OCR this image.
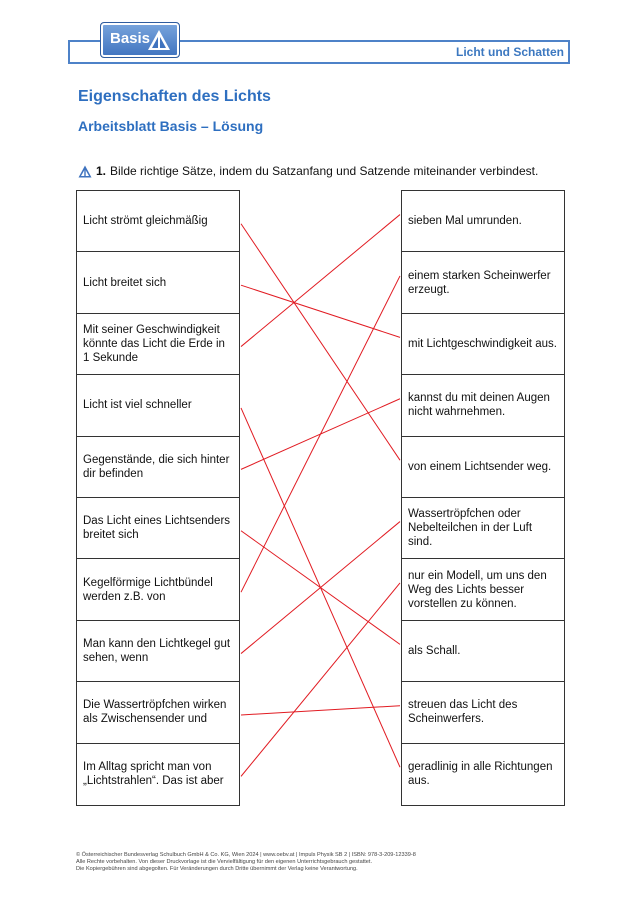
Basis
Licht und Schatten
Eigenschaften des Lichts
Arbeitsblatt Basis – Lösung
1. Bilde richtige Sätze, indem du Satzanfang und Satzende miteinander verbindest.
Licht strömt gleichmäßig
Licht breitet sich
Mit seiner Geschwindigkeit könnte das Licht die Erde in 1 Sekunde
Licht ist viel schneller
Gegenstände, die sich hinter dir befinden
Das Licht eines Lichtsenders breitet sich
Kegelförmige Lichtbündel werden z.B. von
Man kann den Lichtkegel gut sehen, wenn
Die Wassertröpfchen wirken als Zwischensender und
Im Alltag spricht man von „Lichtstrahlen“. Das ist aber
sieben Mal umrunden.
einem starken Scheinwerfer erzeugt.
mit Lichtgeschwindigkeit aus.
kannst du mit deinen Augen nicht wahrnehmen.
von einem Lichtsender weg.
Wassertröpfchen oder Nebelteilchen in der Luft sind.
nur ein Modell, um uns den Weg des Lichts besser vorstellen zu können.
als Schall.
streuen das Licht des Scheinwerfers.
geradlinig in alle Richtungen aus.
© Österreichischer Bundesverlag Schulbuch GmbH & Co. KG, Wien 2024 | www.oebv.at | Impuls Physik SB 2 | ISBN: 978-3-209-12339-8
Alle Rechte vorbehalten. Von dieser Druckvorlage ist die Vervielfältigung für den eigenen Unterrichtsgebrauch gestattet.
Die Kopiergebühren sind abgegolten. Für Veränderungen durch Dritte übernimmt der Verlag keine Verantwortung.
